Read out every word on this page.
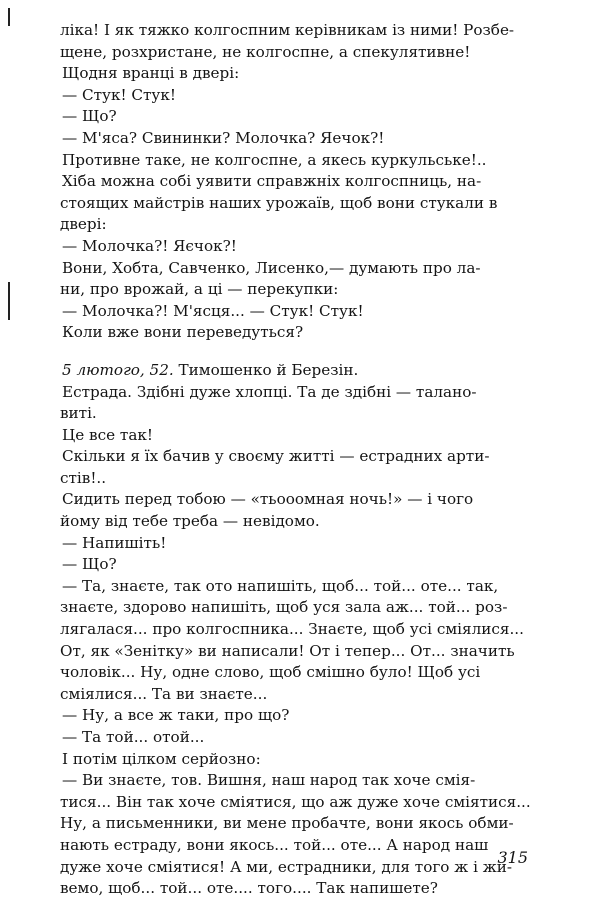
ліка! І як тяжко колгоспним керівникам із ними! Розбе-
щене, розхристане, не колгоспне, а спекулятивне!
Щодня вранці в двері:
— Стук! Стук!
— Що?
— М'яса? Свининки? Молочка? Яечок?!
Противне таке, не колгоспне, а якесь куркульське!..
Хіба можна собі уявити справжніх колгоспниць, на-
стоящих майстрів наших урожаїв, щоб вони стукали в
двері:
— Молочка?! Яєчок?!
Вони, Хобта, Савченко, Лисенко,— думають про ла-
ни, про врожай, а ці — перекупки:
— Молочка?! М'ясця... — Стук! Стук!
Коли вже вони переведуться?
5 лютого, 52. Тимошенко й Березін.
Естрада. Здібні дуже хлопці. Та де здібні — талано-
виті.
Це все так!
Скільки я їх бачив у своєму житті — естрадних арти-
стів!..
Сидить перед тобою — «тьooомная ночь!» — і чого
йому від тебе треба — невідомо.
— Напишіть!
— Що?
— Та, знаєте, так ото напишіть, щоб... той... оте... так,
знаєте, здорово напишіть, щоб уся зала аж... той... роз-
лягалася... про колгоспника... Знаєте, щоб усі сміялися...
От, як «Зенітку» ви написали! От і тепер... От... значить
чоловік... Ну, одне слово, щоб смішно було! Щоб усі
сміялися... Та ви знаєте...
— Ну, а все ж таки, про що?
— Та той... отой...
І потім цілком серйозно:
— Ви знаєте, тов. Вишня, наш народ так хоче смія-
тися... Він так хоче сміятися, що аж дуже хоче сміятися...
Ну, а письменники, ви мене пробачте, вони якось обми-
нають естраду, вони якось... той... оте... А народ наш
дуже хоче сміятися! А ми, естрадники, для того ж і жи-
вемо, щоб... той... оте.... того.... Так напишете?
315
